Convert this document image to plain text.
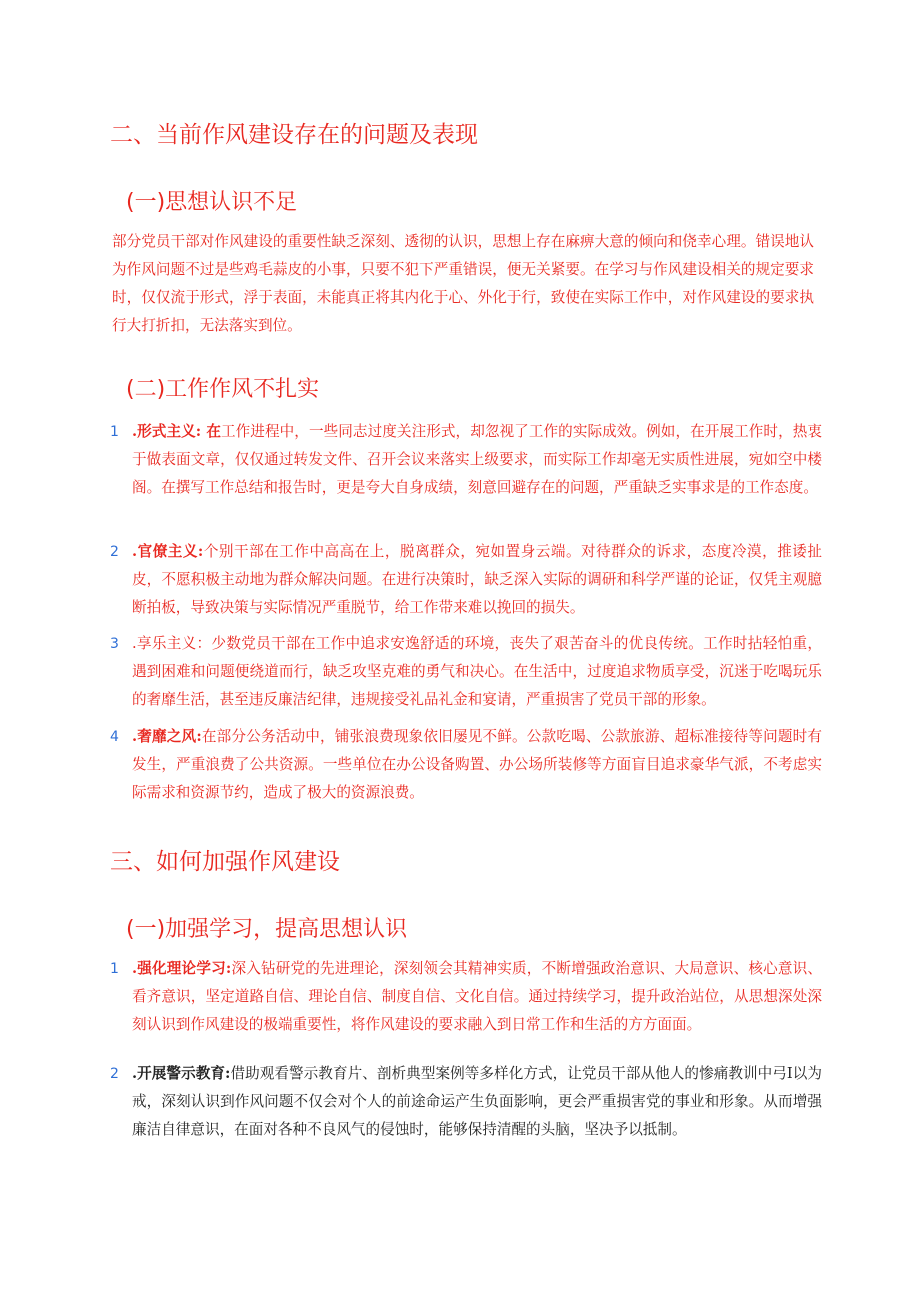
二、当前作风建设存在的问题及表现
(一)思想认识不足
部分党员干部对作风建设的重要性缺乏深刻、透彻的认识，思想上存在麻痹大意的倾向和侥幸心理。错误地认为作风问题不过是些鸡毛蒜皮的小事，只要不犯下严重错误，便无关紧要。在学习与作风建设相关的规定要求时，仅仅流于形式，浮于表面，未能真正将其内化于心、外化于行，致使在实际工作中，对作风建设的要求执行大打折扣，无法落实到位。
(二)工作作风不扎实
1 .形式主义: 在工作进程中，一些同志过度关注形式，却忽视了工作的实际成效。例如，在开展工作时，热衷于做表面文章，仅仅通过转发文件、召开会议来落实上级要求，而实际工作却毫无实质性进展，宛如空中楼阁。在撰写工作总结和报告时，更是夸大自身成绩，刻意回避存在的问题，严重缺乏实事求是的工作态度。
2 .官僚主义:个别干部在工作中高高在上，脱离群众，宛如置身云端。对待群众的诉求，态度冷漠，推诿扯皮，不愿积极主动地为群众解决问题。在进行决策时，缺乏深入实际的调研和科学严谨的论证，仅凭主观臆断拍板，导致决策与实际情况严重脱节，给工作带来难以挽回的损失。
3 .享乐主义：少数党员干部在工作中追求安逸舒适的环境，丧失了艰苦奋斗的优良传统。工作时拈轻怕重，遇到困难和问题便绕道而行，缺乏攻坚克难的勇气和决心。在生活中，过度追求物质享受，沉迷于吃喝玩乐的奢靡生活，甚至违反廉洁纪律，违规接受礼品礼金和宴请，严重损害了党员干部的形象。
4 .奢靡之风:在部分公务活动中，铺张浪费现象依旧屡见不鲜。公款吃喝、公款旅游、超标准接待等问题时有发生，严重浪费了公共资源。一些单位在办公设备购置、办公场所装修等方面盲目追求豪华气派，不考虑实际需求和资源节约，造成了极大的资源浪费。
三、如何加强作风建设
(一)加强学习，提高思想认识
1 .强化理论学习:深入钻研党的先进理论，深刻领会其精神实质，不断增强政治意识、大局意识、核心意识、看齐意识，坚定道路自信、理论自信、制度自信、文化自信。通过持续学习，提升政治站位，从思想深处深刻认识到作风建设的极端重要性，将作风建设的要求融入到日常工作和生活的方方面面。
2 .开展警示教育:借助观看警示教育片、剖析典型案例等多样化方式，让党员干部从他人的惨痛教训中弓I以为戒，深刻认识到作风问题不仅会对个人的前途命运产生负面影响，更会严重损害党的事业和形象。从而增强廉洁自律意识，在面对各种不良风气的侵蚀时，能够保持清醒的头脑，坚决予以抵制。
